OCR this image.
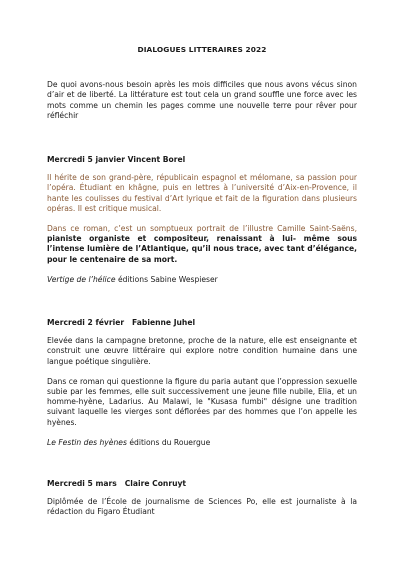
DIALOGUES LITTERAIRES 2022

De quoi avons-nous besoin après les mois difficiles que nous avons vécus sinon d’air et de liberté. La littérature est tout cela un grand souffle une force avec les mots comme un chemin les pages comme une nouvelle terre pour rêver pour réfléchir

Mercredi 5 janvier Vincent Borel

Il hérite de son grand-père, républicain espagnol et mélomane, sa passion pour l’opéra. Étudiant en khâgne, puis en lettres à l’université d’Aix-en-Provence, il hante les coulisses du festival d’Art lyrique et fait de la figuration dans plusieurs opéras. Il est critique musical.

Dans ce roman, c’est un somptueux portrait de l’illustre Camille Saint-Saëns, pianiste organiste et compositeur, renaissant à lui- même sous l’intense lumière de l’Atlantique, qu’il nous trace, avec tant d’élégance, pour le centenaire de sa mort.

Vertige de l’hélice éditions Sabine Wespieser

Mercredi 2 février   Fabienne Juhel

Elevée dans la campagne bretonne, proche de la nature, elle est enseignante et construit une œuvre littéraire qui explore notre condition humaine dans une langue poétique singulière.

Dans ce roman qui questionne la figure du paria autant que l’oppression sexuelle subie par les femmes, elle suit successivement une jeune fille nubile, Elia, et un homme-hyène, Ladarius. Au Malawi, le "Kusasa fumbi" désigne une tradition suivant laquelle les vierges sont déflorées par des hommes que l’on appelle les hyènes.

Le Festin des hyènes éditions du Rouergue

Mercredi 5 mars   Claire Conruyt

Diplômée de l’École de journalisme de Sciences Po, elle est journaliste à la rédaction du Figaro Étudiant
